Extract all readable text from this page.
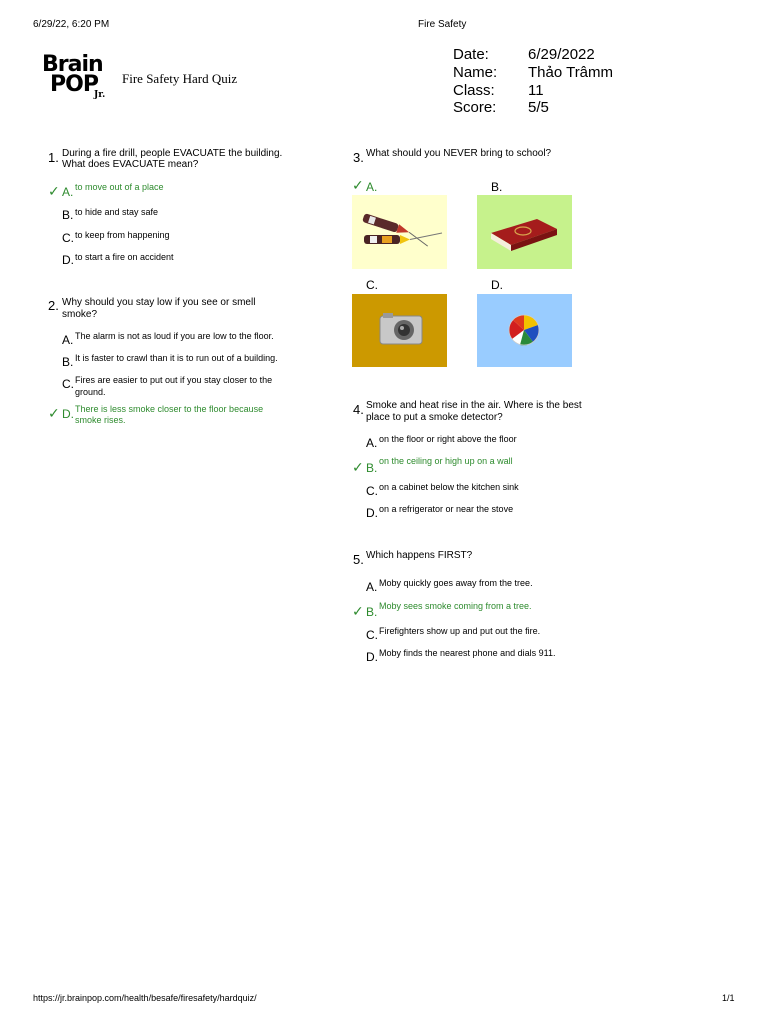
6/29/22, 6:20 PM	Fire Safety
Brain
POP
Jr.
Fire Safety Hard Quiz
Date:	6/29/2022
Name: Thảo Trâmm
Class: 11
Score: 5/5
1. During a fire drill, people EVACUATE the building.
What does EVACUATE mean?
✓ A. to move out of a place
B. to hide and stay safe
C. to keep from happening
D. to start a fire on accident
2. Why should you stay low if you see or smell
smoke?
A. The alarm is not as loud if you are low to the floor.
B. It is faster to crawl than it is to run out of a building.
C. Fires are easier to put out if you stay closer to the
ground.
✓ D. There is less smoke closer to the floor because
smoke rises.
3. What should you NEVER bring to school?
✓ A.	B.
C.	D.
4. Smoke and heat rise in the air. Where is the best
place to put a smoke detector?
A. on the floor or right above the floor
✓ B. on the ceiling or high up on a wall
C. on a cabinet below the kitchen sink
D. on a refrigerator or near the stove
5. Which happens FIRST?
A. Moby quickly goes away from the tree.
✓ B. Moby sees smoke coming from a tree.
C. Firefighters show up and put out the fire.
D. Moby finds the nearest phone and dials 911.
https://jr.brainpop.com/health/besafe/firesafety/hardquiz/	1/1
